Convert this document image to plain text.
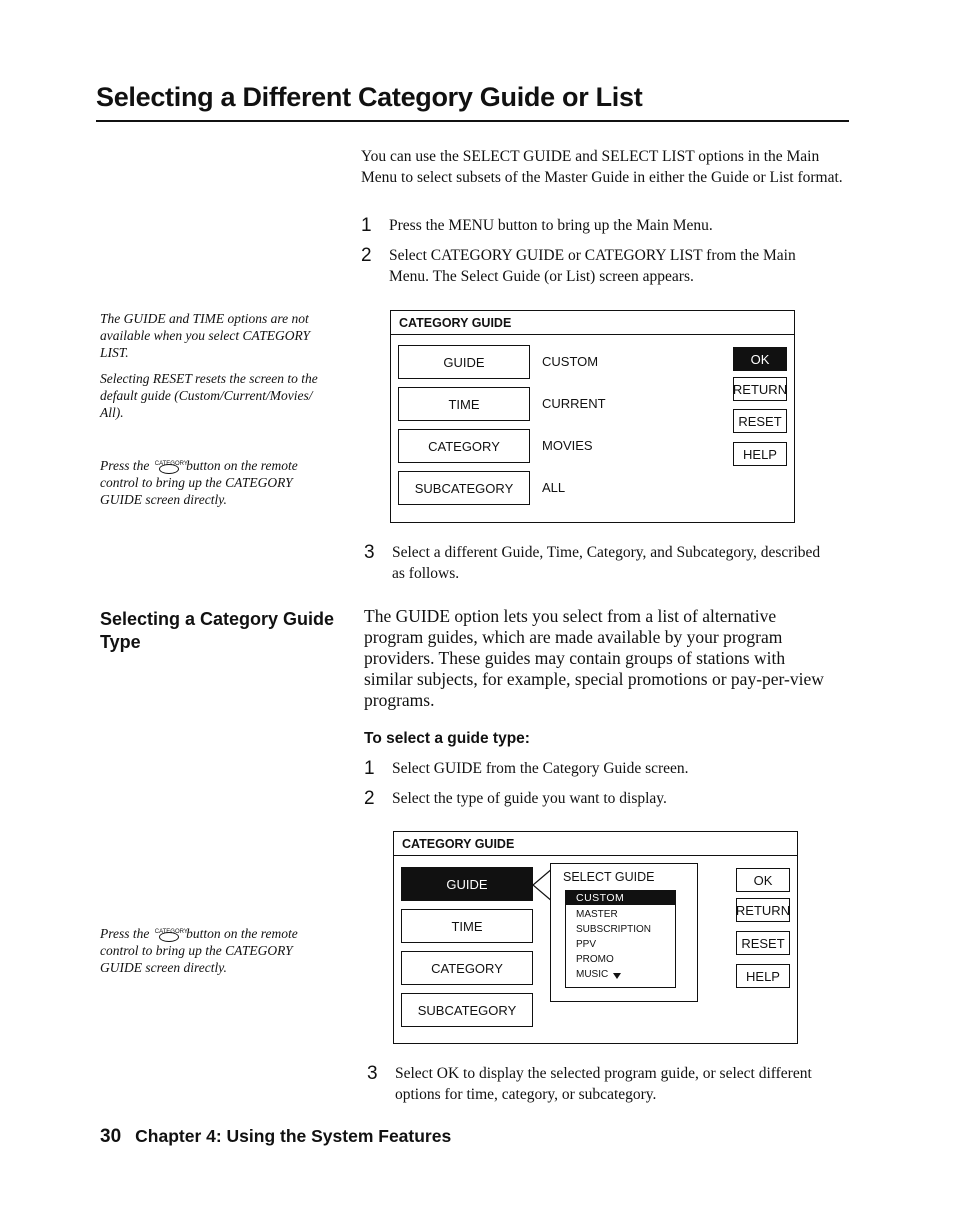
Selecting a Different Category Guide or List
You can use the SELECT GUIDE and SELECT LIST options in the Main Menu to select subsets of the Master Guide in either the Guide or List format.
1	Press the MENU button to bring up the Main Menu.
2	Select CATEGORY GUIDE or CATEGORY LIST from the Main Menu. The Select Guide (or List) screen appears.
The GUIDE and TIME options are not available when you select CATEGORY LIST.
Selecting RESET resets the screen to the default guide (Custom/Current/Movies/ All).
Press the CATEGORY
button on the remote control to bring up the CATEGORY GUIDE screen directly.
CATEGORY GUIDE
GUIDE	CUSTOM
TIME	CURRENT
CATEGORY	MOVIES
SUBCATEGORY	ALL
OK
RETURN
RESET
HELP
3	Select a different Guide, Time, Category, and Subcategory, described as follows.
Selecting a Category Guide Type
The GUIDE option lets you select from a list of alternative program guides, which are made available by your program providers. These guides may contain groups of stations with similar subjects, for example, special promotions or pay-per-view programs.
To select a guide type:
1	Select GUIDE from the Category Guide screen.
2	Select the type of guide you want to display.
CATEGORY GUIDE
GUIDE
TIME
CATEGORY
SUBCATEGORY
SELECT GUIDE
CUSTOM
MASTER
SUBSCRIPTION
PPV
PROMO
MUSIC
OK
RETURN
RESET
HELP
Press the CATEGORY
button on the remote control to bring up the CATEGORY GUIDE screen directly.
3	Select OK to display the selected program guide, or select different options for time, category, or subcategory.
30 Chapter 4: Using the System Features
